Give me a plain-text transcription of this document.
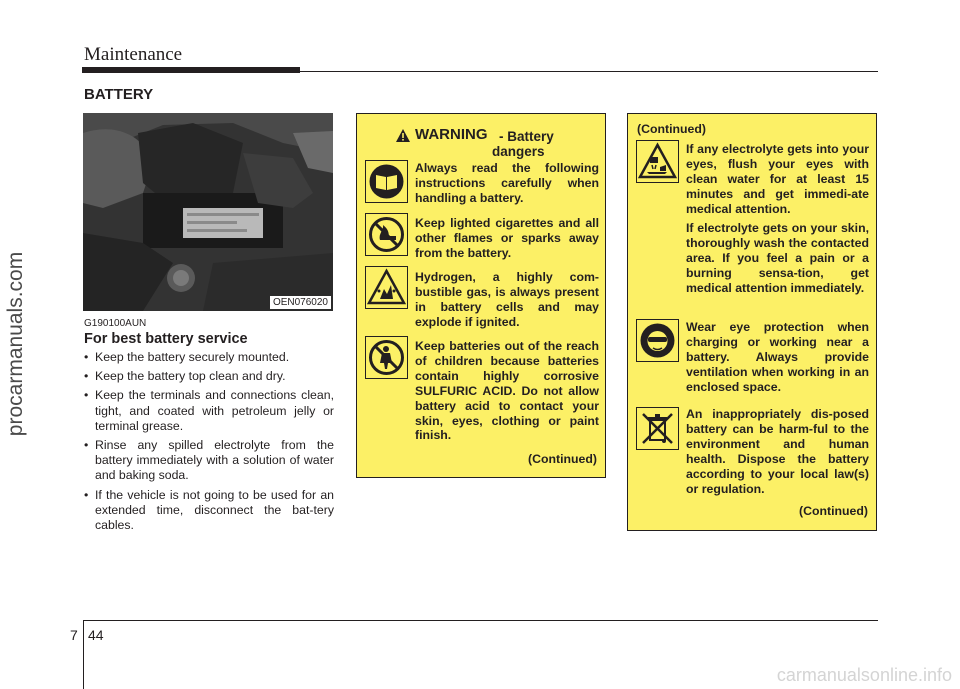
Maintenance
BATTERY
OEN076020
G190100AUN
For best battery service
• Keep the battery securely mounted.
• Keep the battery top clean and dry.
• Keep the terminals and connections clean, tight, and coated with petroleum jelly or terminal grease.
• Rinse any spilled electrolyte from the battery immediately with a solution of water and baking soda.
• If the vehicle is not going to be used for an extended time, disconnect the bat-tery cables.
WARNING - Battery
dangers
Always read the following instructions carefully when handling a battery.
Keep lighted cigarettes and all other flames or sparks away from the battery.
Hydrogen, a highly com-bustible gas, is always present in battery cells and may explode if ignited.
Keep batteries out of the reach of children because batteries contain highly corrosive SULFURIC ACID. Do not allow battery acid to contact your skin, eyes, clothing or paint finish.
(Continued)
(Continued)
If any electrolyte gets into your eyes, flush your eyes with clean water for at least 15 minutes and get immedi-ate medical attention.
If electrolyte gets on your skin, thoroughly wash the contacted area. If you feel a pain or a burning sensa-tion, get medical attention immediately.
Wear eye protection when charging or working near a battery. Always provide ventilation when working in an enclosed space.
An inappropriately dis-posed battery can be harm-ful to the environment and human health. Dispose the battery according to your local law(s) or regulation.
(Continued)
7 44
procarmanuals.com
carmanualsonline.info
